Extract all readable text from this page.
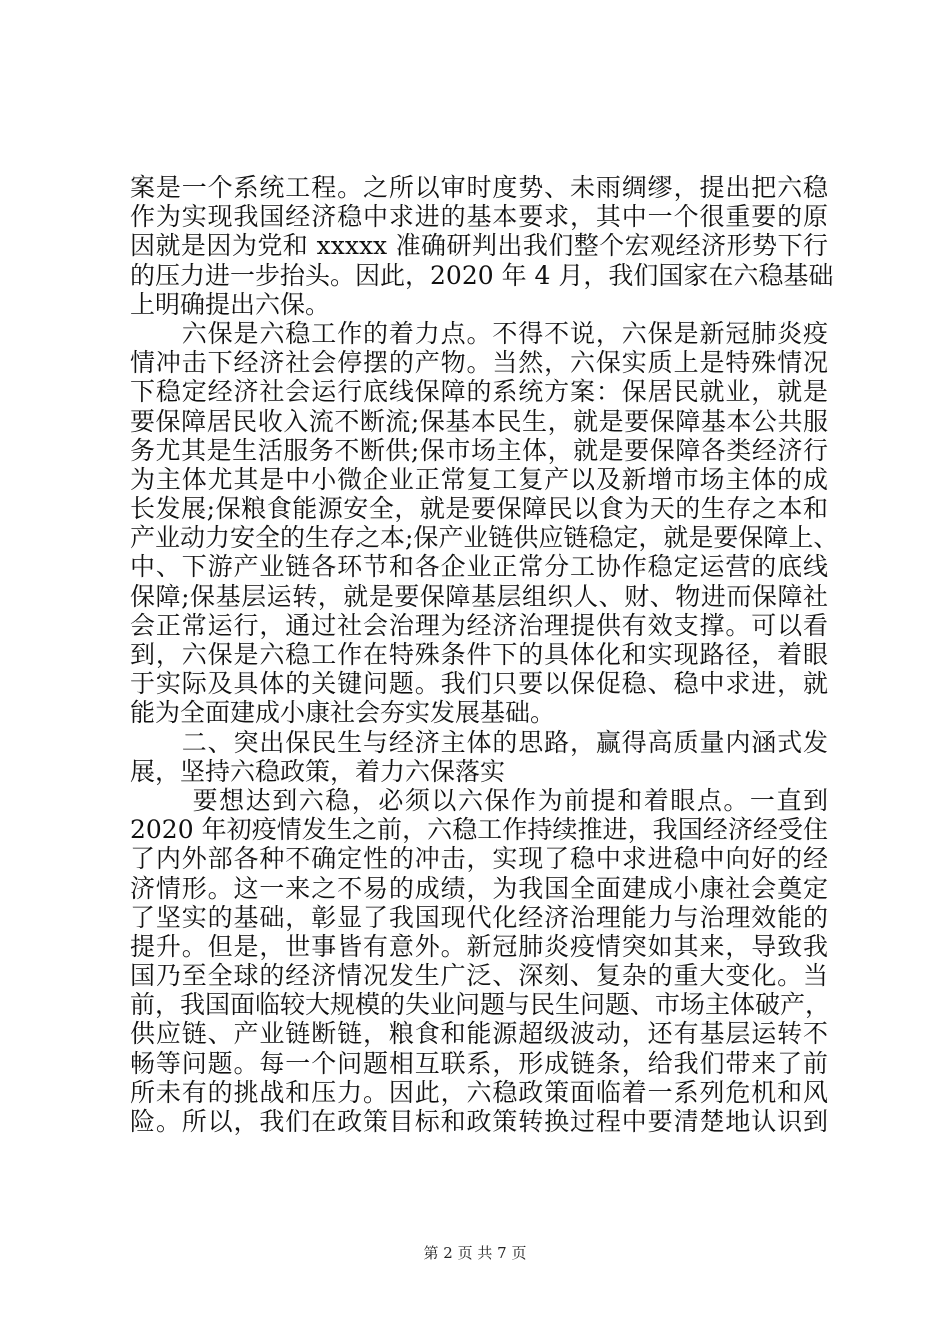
案是一个系统工程。之所以审时度势、未雨绸缪，提出把六稳
作为实现我国经济稳中求进的基本要求，其中一个很重要的原
因就是因为党和 xxxxx 准确研判出我们整个宏观经济形势下行
的压力进一步抬头。因此，2020 年 4 月，我们国家在六稳基础
上明确提出六保。
　　六保是六稳工作的着力点。不得不说，六保是新冠肺炎疫
情冲击下经济社会停摆的产物。当然，六保实质上是特殊情况
下稳定经济社会运行底线保障的系统方案：保居民就业，就是
要保障居民收入流不断流;保基本民生，就是要保障基本公共服
务尤其是生活服务不断供;保市场主体，就是要保障各类经济行
为主体尤其是中小微企业正常复工复产以及新增市场主体的成
长发展;保粮食能源安全，就是要保障民以食为天的生存之本和
产业动力安全的生存之本;保产业链供应链稳定，就是要保障上、
中、下游产业链各环节和各企业正常分工协作稳定运营的底线
保障;保基层运转，就是要保障基层组织人、财、物进而保障社
会正常运行，通过社会治理为经济治理提供有效支撑。可以看
到，六保是六稳工作在特殊条件下的具体化和实现路径，着眼
于实际及具体的关键问题。我们只要以保促稳、稳中求进，就
能为全面建成小康社会夯实发展基础。
　　二、突出保民生与经济主体的思路，赢得高质量内涵式发
展，坚持六稳政策，着力六保落实
　　 要想达到六稳，必须以六保作为前提和着眼点。一直到
2020 年初疫情发生之前，六稳工作持续推进，我国经济经受住
了内外部各种不确定性的冲击，实现了稳中求进稳中向好的经
济情形。这一来之不易的成绩，为我国全面建成小康社会奠定
了坚实的基础，彰显了我国现代化经济治理能力与治理效能的
提升。但是，世事皆有意外。新冠肺炎疫情突如其来，导致我
国乃至全球的经济情况发生广泛、深刻、复杂的重大变化。当
前，我国面临较大规模的失业问题与民生问题、市场主体破产，
供应链、产业链断链，粮食和能源超级波动，还有基层运转不
畅等问题。每一个问题相互联系，形成链条，给我们带来了前
所未有的挑战和压力。因此，六稳政策面临着一系列危机和风
险。所以，我们在政策目标和政策转换过程中要清楚地认识到
第 2 页 共 7 页
